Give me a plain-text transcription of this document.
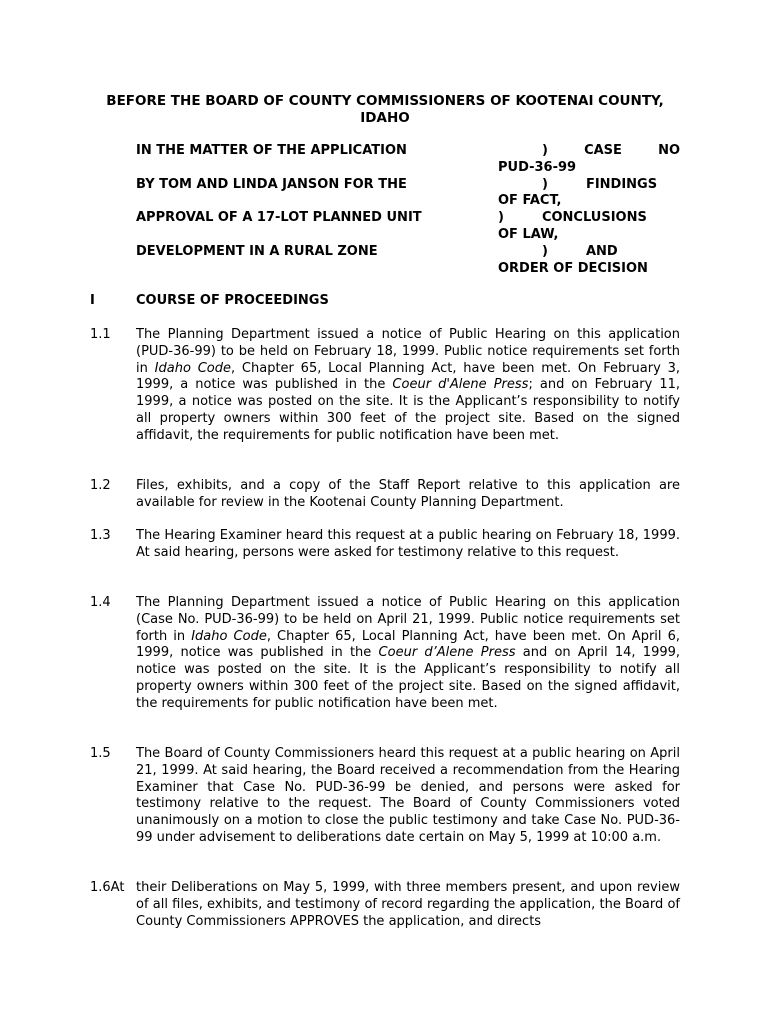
BEFORE THE BOARD OF COUNTY COMMISSIONERS OF KOOTENAI COUNTY, IDAHO
IN THE MATTER OF THE APPLICATION
BY TOM AND LINDA JANSON FOR THE
APPROVAL OF A 17-LOT PLANNED UNIT
DEVELOPMENT IN A RURAL ZONE
)	CASE	NO
PUD-36-99
)	FINDINGS
OF FACT,
)	CONCLUSIONS
OF LAW,
)	AND
ORDER OF DECISION
I	COURSE OF PROCEEDINGS
1.1 The Planning Department issued a notice of Public Hearing on this application (PUD-36-99) to be held on February 18, 1999. Public notice requirements set forth in Idaho Code, Chapter 65, Local Planning Act, have been met. On February 3, 1999, a notice was published in the Coeur d'Alene Press; and on February 11, 1999, a notice was posted on the site. It is the Applicant’s responsibility to notify all property owners within 300 feet of the project site. Based on the signed affidavit, the requirements for public notification have been met.
1.2 Files, exhibits, and a copy of the Staff Report relative to this application are available for review in the Kootenai County Planning Department.
1.3 The Hearing Examiner heard this request at a public hearing on February 18, 1999. At said hearing, persons were asked for testimony relative to this request.
1.4 The Planning Department issued a notice of Public Hearing on this application (Case No. PUD-36-99) to be held on April 21, 1999. Public notice requirements set forth in Idaho Code, Chapter 65, Local Planning Act, have been met. On April 6, 1999, notice was published in the Coeur d’Alene Press and on April 14, 1999, notice was posted on the site. It is the Applicant’s responsibility to notify all property owners within 300 feet of the project site. Based on the signed affidavit, the requirements for public notification have been met.
1.5 The Board of County Commissioners heard this request at a public hearing on April 21, 1999. At said hearing, the Board received a recommendation from the Hearing Examiner that Case No. PUD-36-99 be denied, and persons were asked for testimony relative to the request. The Board of County Commissioners voted unanimously on a motion to close the public testimony and take Case No. PUD-36-99 under advisement to deliberations date certain on May 5, 1999 at 10:00 a.m.
1.6At their Deliberations on May 5, 1999, with three members present, and upon review of all files, exhibits, and testimony of record regarding the application, the Board of County Commissioners APPROVES the application, and directs
